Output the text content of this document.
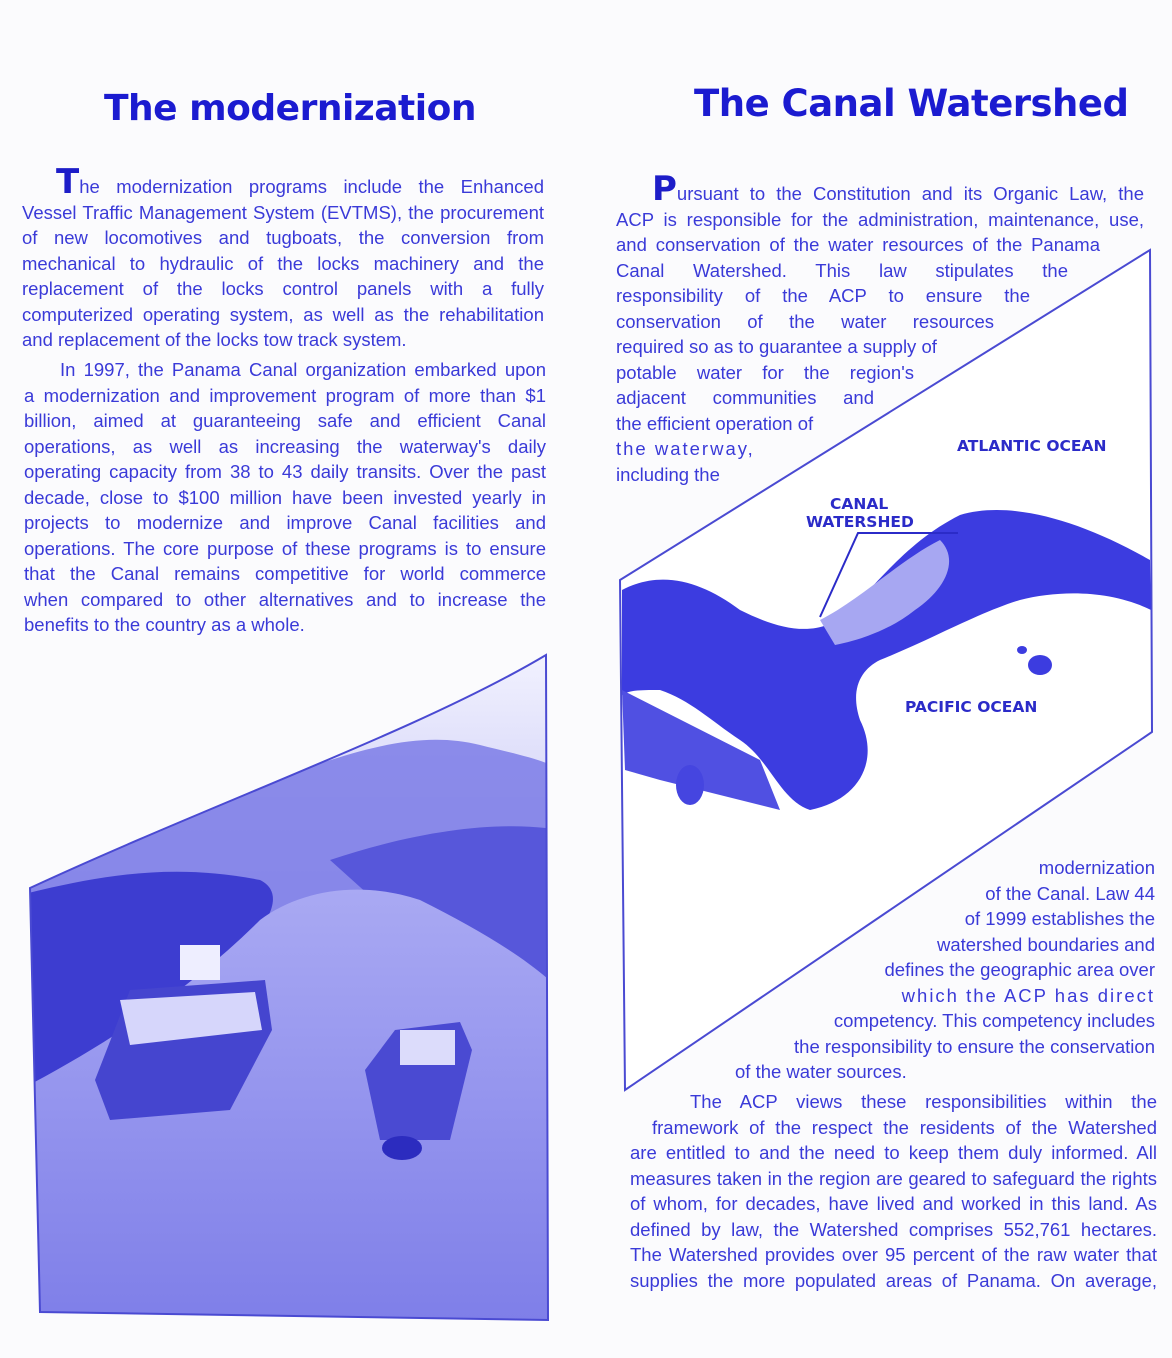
ATLANTIC OCEAN
PACIFIC OCEAN
CANAL
WATERSHED
The modernization
The modernization programs include the Enhanced
Vessel Traffic Management System (EVTMS), the procurement
of new locomotives and tugboats, the conversion from
mechanical to hydraulic of the locks machinery and the
replacement of the locks control panels with a fully
computerized operating system, as well as the rehabilitation
and replacement of the locks tow track system.
In 1997, the Panama Canal organization embarked upon
a modernization and improvement program of more than $1
billion, aimed at guaranteeing safe and efficient Canal
operations, as well as increasing the waterway's daily
operating capacity from 38 to 43 daily transits. Over the past
decade, close to $100 million have been invested yearly in
projects to modernize and improve Canal facilities and
operations. The core purpose of these programs is to ensure
that the Canal remains competitive for world commerce
when compared to other alternatives and to increase the
benefits to the country as a whole.
The Canal Watershed
Pursuant to the Constitution and its Organic Law, the
ACP is responsible for the administration, maintenance, use,
and conservation of the water resources of the Panama
Canal Watershed. This law stipulates the
responsibility of the ACP to ensure the
conservation of the water resources
required so as to guarantee a supply of
potable water for the region's
adjacent communities and
the efficient operation of
the waterway,
including the
modernization
of the Canal. Law 44
of 1999 establishes the
watershed boundaries and
defines the geographic area over
which the ACP has direct
competency. This competency includes
the responsibility to ensure the conservation
of the water sources.
The ACP views these responsibilities within the
framework of the respect the residents of the Watershed
are entitled to and the need to keep them duly informed. All
measures taken in the region are geared to safeguard the rights
of whom, for decades, have lived and worked in this land. As
defined by law, the Watershed comprises 552,761 hectares.
The Watershed provides over 95 percent of the raw water that
supplies the more populated areas of Panama. On average,
